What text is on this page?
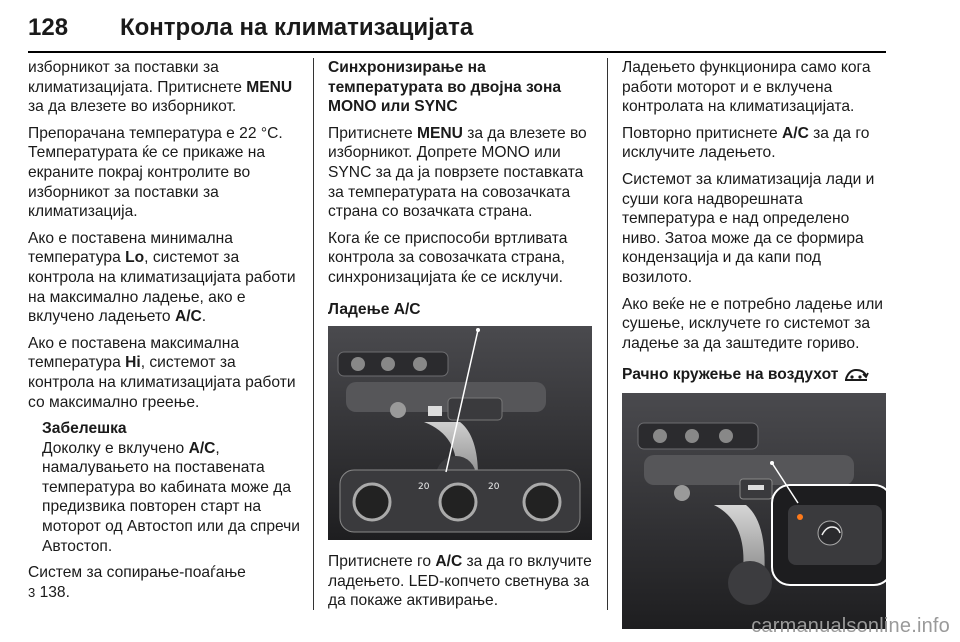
128 Контрола на климатизацијата

изборникот за поставки за климатизацијата. Притиснете MENU за да влезете во изборникот.

Препорачана температура е 22 °C. Температурата ќе се прикаже на екраните покрај контролите во изборникот за поставки за климатизација.

Ако е поставена минимална температура Lo, системот за контрола на климатизацијата работи на максимално ладење, ако е вклучено ладењето A/C.

Ако е поставена максимална температура Hi, системот за контрола на климатизацијата работи со максимално греење.

Забелешка

Доколку е вклучено A/C, намалувањето на поставената температура во кабината може да предизвика повторен старт на моторот од Автостоп или да спречи Автостоп.

Систем за сопирање-поаѓање
3 138.

Синхронизирање на температурата во двојна зона MONO или SYNC

Притиснете MENU за да влезете во изборникот. Допрете MONO или SYNC за да ја поврзете поставката за температурата на совозачката страна со возачката страна.

Кога ќе се приспособи вртливата контрола за совозачката страна, синхронизацијата ќе се исклучи.

Ладење A/C

20	20

Притиснете го A/C за да го вклучите ладењето. LED-копчето светнува за да покаже активирање.

Ладењето функционира само кога работи моторот и е вклучена контролата на климатизацијата.

Повторно притиснете A/C за да го исклучите ладењето.

Системот за климатизација лади и суши кога надворешната температура е над определено ниво. Затоа може да се формира кондензација и да капи под возилото.

Ако веќе не е потребно ладење или сушење, исклучете го системот за ладење за да заштедите гориво.

Рачно кружење на воздухот

carmanualsonline.info
